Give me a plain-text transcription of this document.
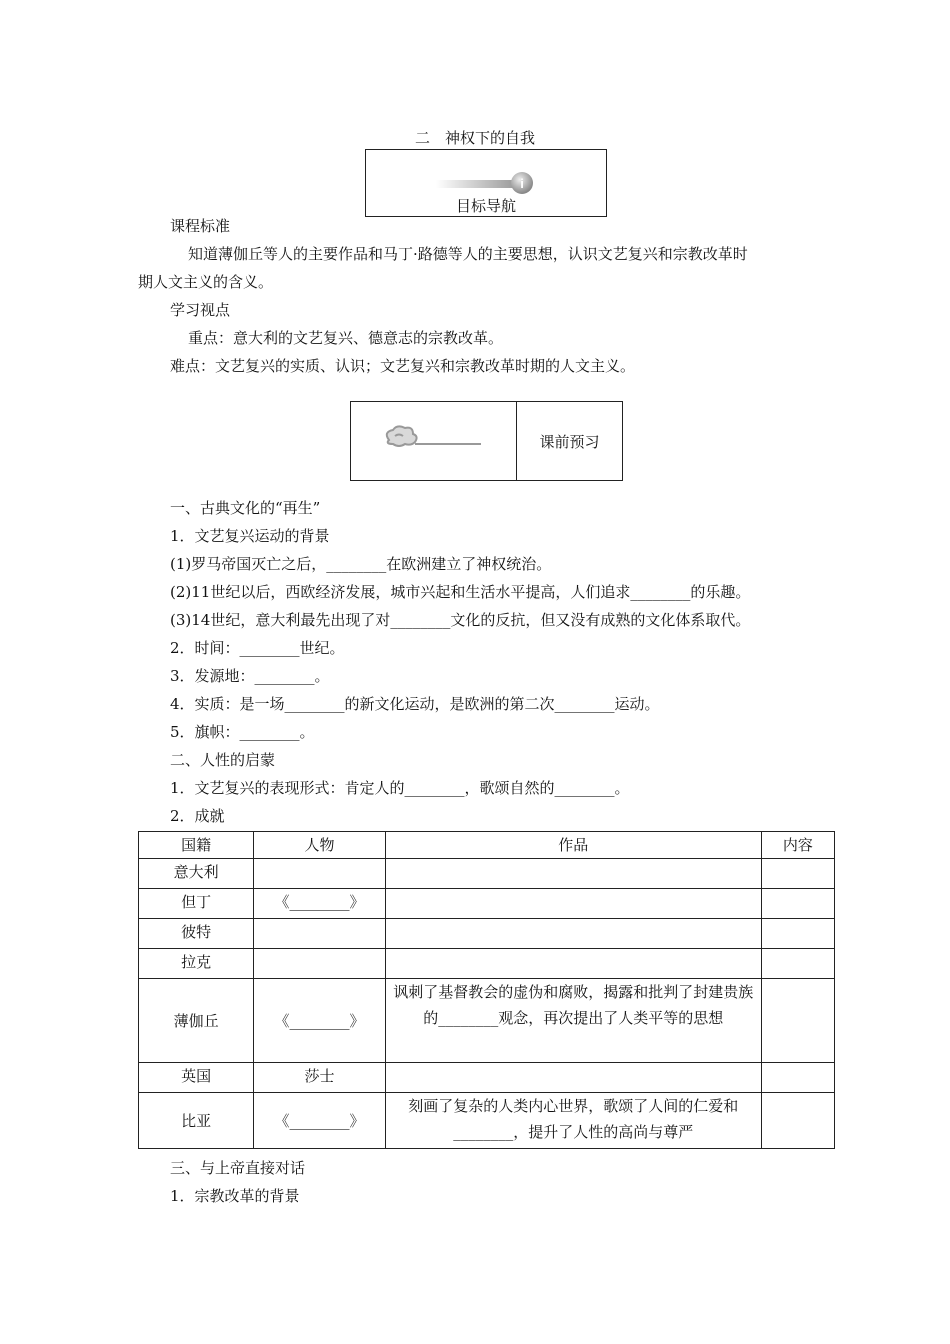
二　神权下的自我
i
目标导航
课前预习
课程标准
知道薄伽丘等人的主要作品和马丁·路德等人的主要思想，认识文艺复兴和宗教改革时
期人文主义的含义。
学习视点
重点：意大利的文艺复兴、德意志的宗教改革。
难点：文艺复兴的实质、认识；文艺复兴和宗教改革时期的人文主义。
一、古典文化的“再生”
1．文艺复兴运动的背景
(1)罗马帝国灭亡之后，________在欧洲建立了神权统治。
(2)11世纪以后，西欧经济发展，城市兴起和生活水平提高，人们追求________的乐趣。
(3)14世纪，意大利最先出现了对________文化的反抗，但又没有成熟的文化体系取代。
2．时间：________世纪。
3．发源地：________。
4．实质：是一场________的新文化运动，是欧洲的第二次________运动。
5．旗帜：________。
二、人性的启蒙
1．文艺复兴的表现形式：肯定人的________，歌颂自然的________。
2．成就
三、与上帝直接对话
1．宗教改革的背景
国籍	人物	作品	内容
意大利			
但丁	《________》		
彼特			
拉克			
薄伽丘	《________》	讽刺了基督教会的虚伪和腐败，揭露和批判了封建贵族的________观念，再次提出了人类平等的思想	
英国	莎士		
比亚	《________》	刻画了复杂的人类内心世界，歌颂了人间的仁爱和________，提升了人性的高尚与尊严	
